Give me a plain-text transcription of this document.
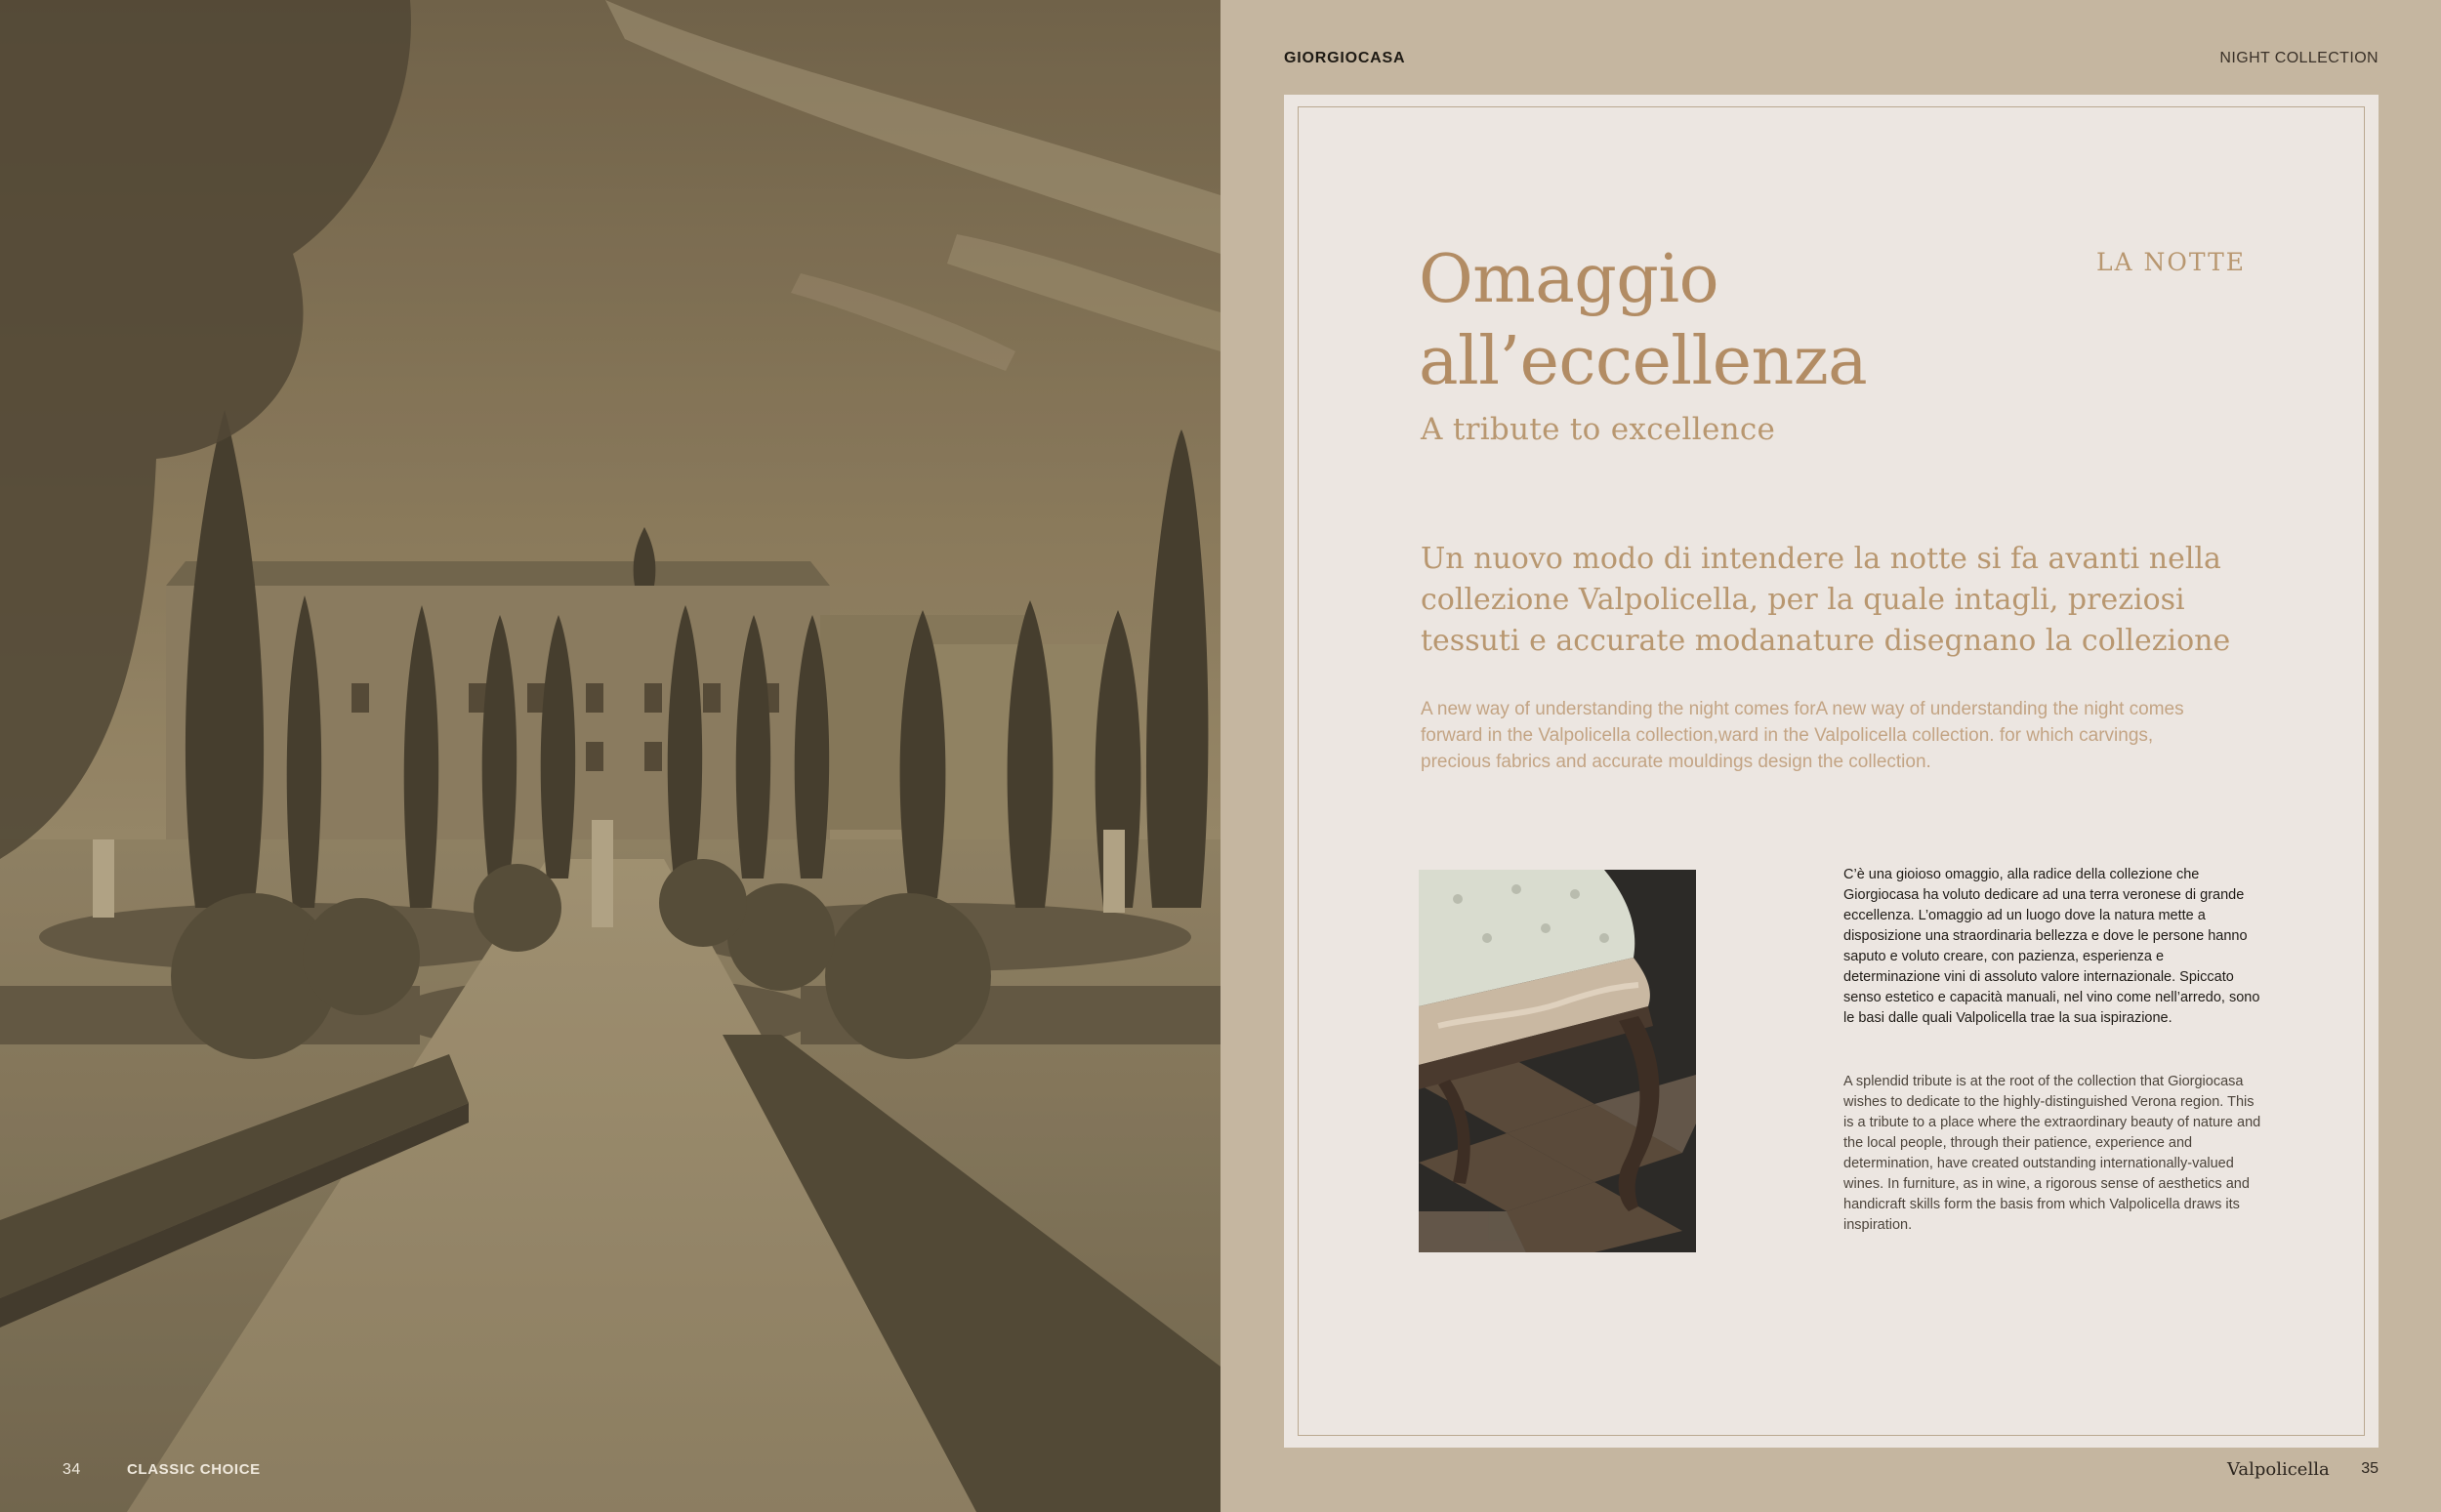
34	CLASSIC CHOICE
GIORGIOCASA	NIGHT COLLECTION
Omaggio
all’eccellenza
A tribute to excellence
LA NOTTE
Un nuovo modo di intendere la notte si fa avanti nella collezione Valpolicella, per la quale intagli, preziosi tessuti e accurate modanature disegnano la collezione
A new way of understanding the night comes forA new way of understanding the night comes forward in the Valpolicella collection,ward in the Valpolicella collection. for which carvings, precious fabrics and accurate mouldings design the collection.
C’è una gioioso omaggio, alla radice della collezione che Giorgiocasa ha voluto dedicare ad una terra veronese di grande eccellenza. L’omaggio ad un luogo dove la natura mette a disposizione una straordinaria bellezza e dove le persone hanno saputo e voluto creare, con pazienza, esperienza e determinazione vini di assoluto valore internazionale. Spiccato senso estetico e capacità manuali, nel vino come nell’arredo, sono le basi dalle quali Valpolicella trae la sua ispirazione.
A splendid tribute is at the root of the collection that Giorgiocasa wishes to dedicate to the highly-distinguished Verona region. This is a tribute to a place where the extraordinary beauty of nature and the local people, through their patience, experience and determination, have created outstanding internationally-valued wines. In furniture, as in wine, a rigorous sense of aesthetics and handicraft skills form the basis from which Valpolicella draws its inspiration.
Valpolicella 35
